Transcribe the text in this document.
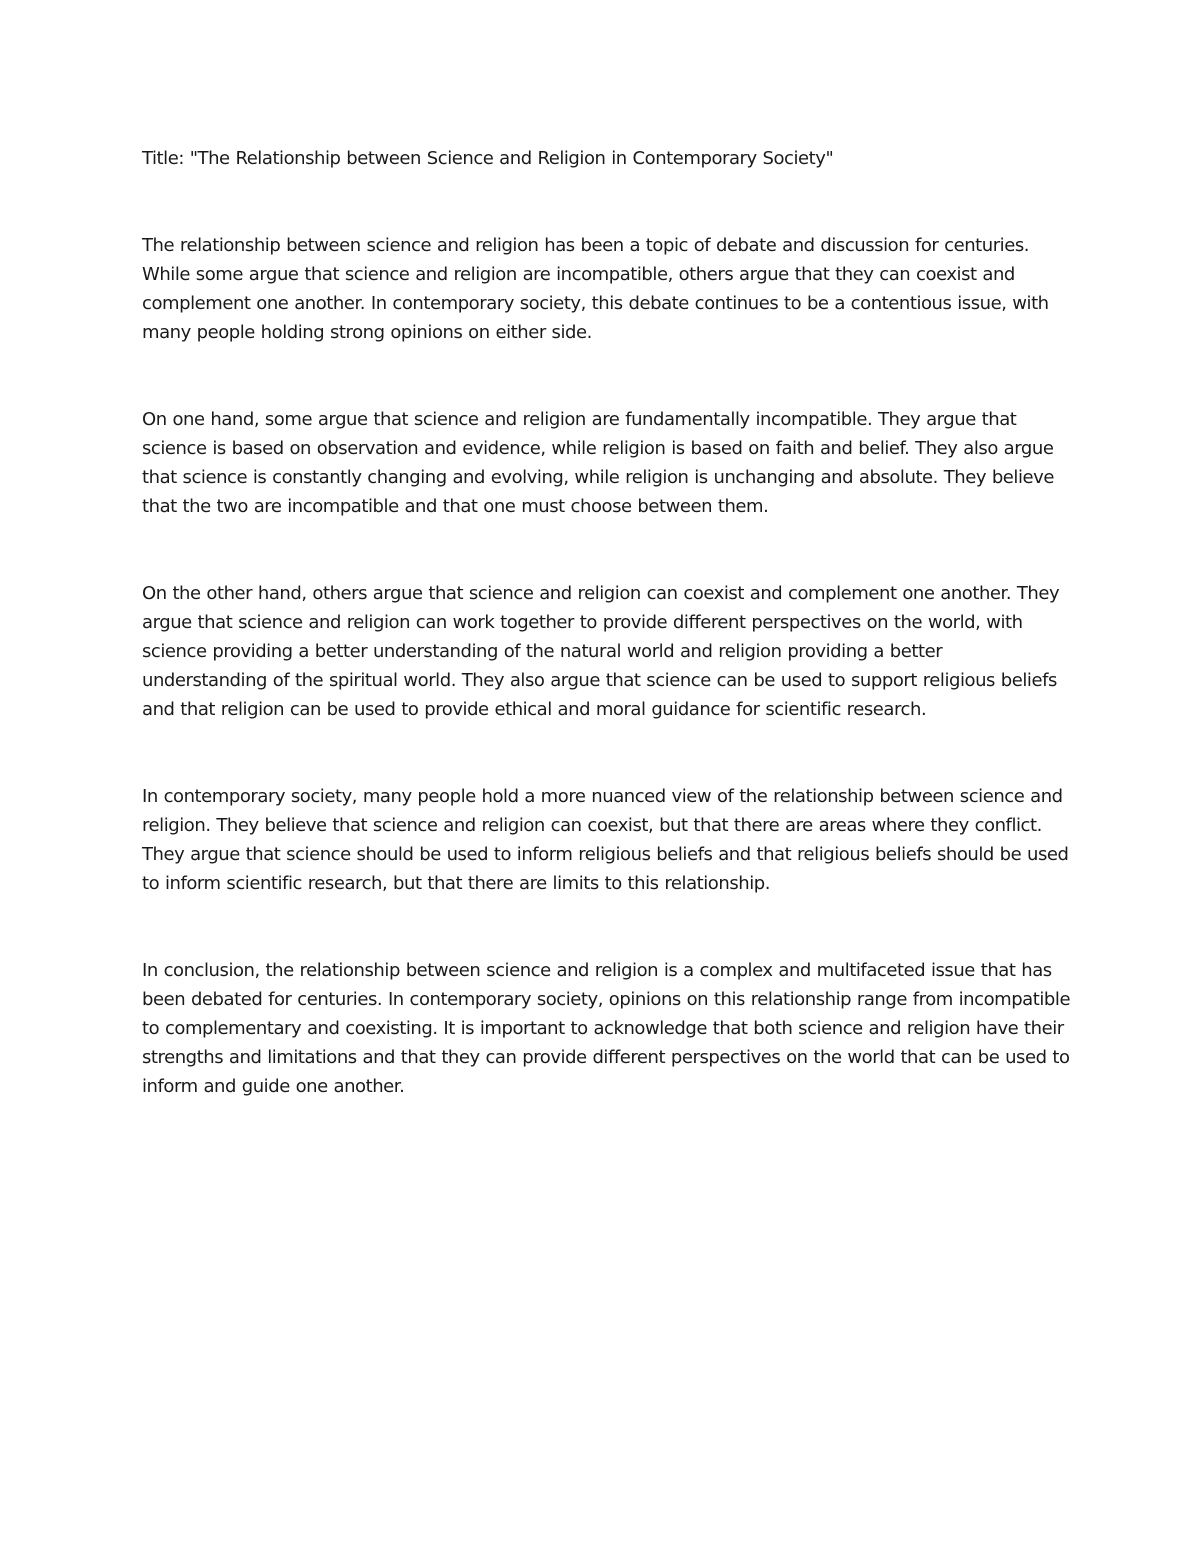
Title: "The Relationship between Science and Religion in Contemporary Society"

The relationship between science and religion has been a topic of debate and discussion for centuries. While some argue that science and religion are incompatible, others argue that they can coexist and complement one another. In contemporary society, this debate continues to be a contentious issue, with many people holding strong opinions on either side.

On one hand, some argue that science and religion are fundamentally incompatible. They argue that science is based on observation and evidence, while religion is based on faith and belief. They also argue that science is constantly changing and evolving, while religion is unchanging and absolute. They believe that the two are incompatible and that one must choose between them.

On the other hand, others argue that science and religion can coexist and complement one another. They argue that science and religion can work together to provide different perspectives on the world, with science providing a better understanding of the natural world and religion providing a better understanding of the spiritual world. They also argue that science can be used to support religious beliefs and that religion can be used to provide ethical and moral guidance for scientific research.

In contemporary society, many people hold a more nuanced view of the relationship between science and religion. They believe that science and religion can coexist, but that there are areas where they conflict. They argue that science should be used to inform religious beliefs and that religious beliefs should be used to inform scientific research, but that there are limits to this relationship.

In conclusion, the relationship between science and religion is a complex and multifaceted issue that has been debated for centuries. In contemporary society, opinions on this relationship range from incompatible to complementary and coexisting. It is important to acknowledge that both science and religion have their strengths and limitations and that they can provide different perspectives on the world that can be used to inform and guide one another.
